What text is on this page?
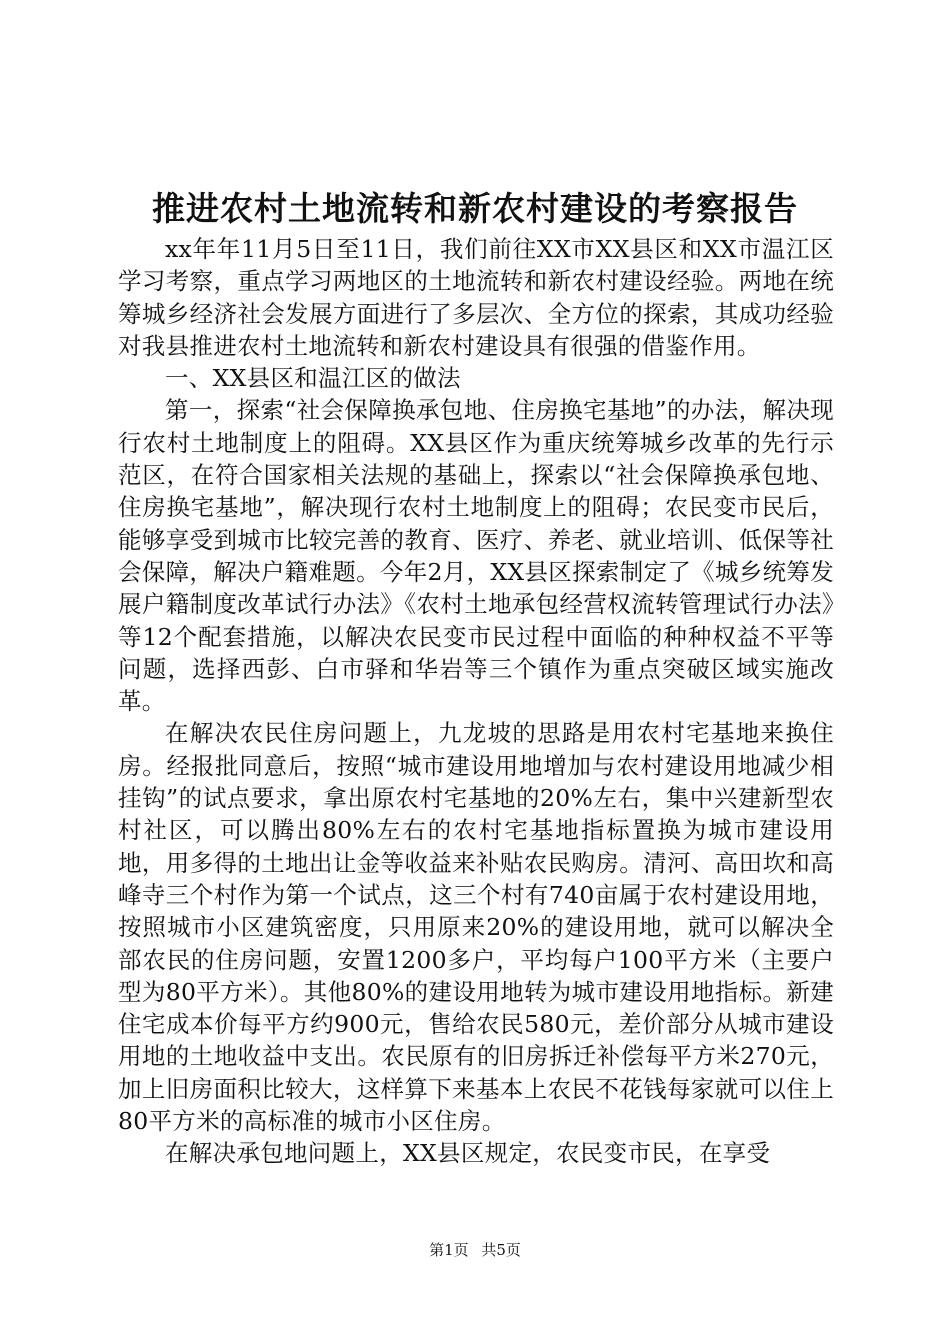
推进农村土地流转和新农村建设的考察报告

xx年年11月5日至11日，我们前往XX市XX县区和XX市温江区学习考察，重点学习两地区的土地流转和新农村建设经验。两地在统筹城乡经济社会发展方面进行了多层次、全方位的探索，其成功经验对我县推进农村土地流转和新农村建设具有很强的借鉴作用。

一、XX县区和温江区的做法

第一，探索“社会保障换承包地、住房换宅基地”的办法，解决现行农村土地制度上的阻碍。XX县区作为重庆统筹城乡改革的先行示范区，在符合国家相关法规的基础上，探索以“社会保障换承包地、住房换宅基地”，解决现行农村土地制度上的阻碍；农民变市民后，能够享受到城市比较完善的教育、医疗、养老、就业培训、低保等社会保障，解决户籍难题。今年2月，XX县区探索制定了《城乡统筹发展户籍制度改革试行办法》《农村土地承包经营权流转管理试行办法》等12个配套措施，以解决农民变市民过程中面临的种种权益不平等问题，选择西彭、白市驿和华岩等三个镇作为重点突破区域实施改革。

在解决农民住房问题上，九龙坡的思路是用农村宅基地来换住房。经报批同意后，按照“城市建设用地增加与农村建设用地减少相挂钩”的试点要求，拿出原农村宅基地的20%左右，集中兴建新型农村社区，可以腾出80%左右的农村宅基地指标置换为城市建设用地，用多得的土地出让金等收益来补贴农民购房。清河、高田坎和高峰寺三个村作为第一个试点，这三个村有740亩属于农村建设用地，按照城市小区建筑密度，只用原来20%的建设用地，就可以解决全部农民的住房问题，安置1200多户，平均每户100平方米（主要户型为80平方米）。其他80%的建设用地转为城市建设用地指标。新建住宅成本价每平方约900元，售给农民580元，差价部分从城市建设用地的土地收益中支出。农民原有的旧房拆迁补偿每平方米270元，加上旧房面积比较大，这样算下来基本上农民不花钱每家就可以住上80平方米的高标准的城市小区住房。

在解决承包地问题上，XX县区规定，农民变市民，在享受

第1页 共5页
